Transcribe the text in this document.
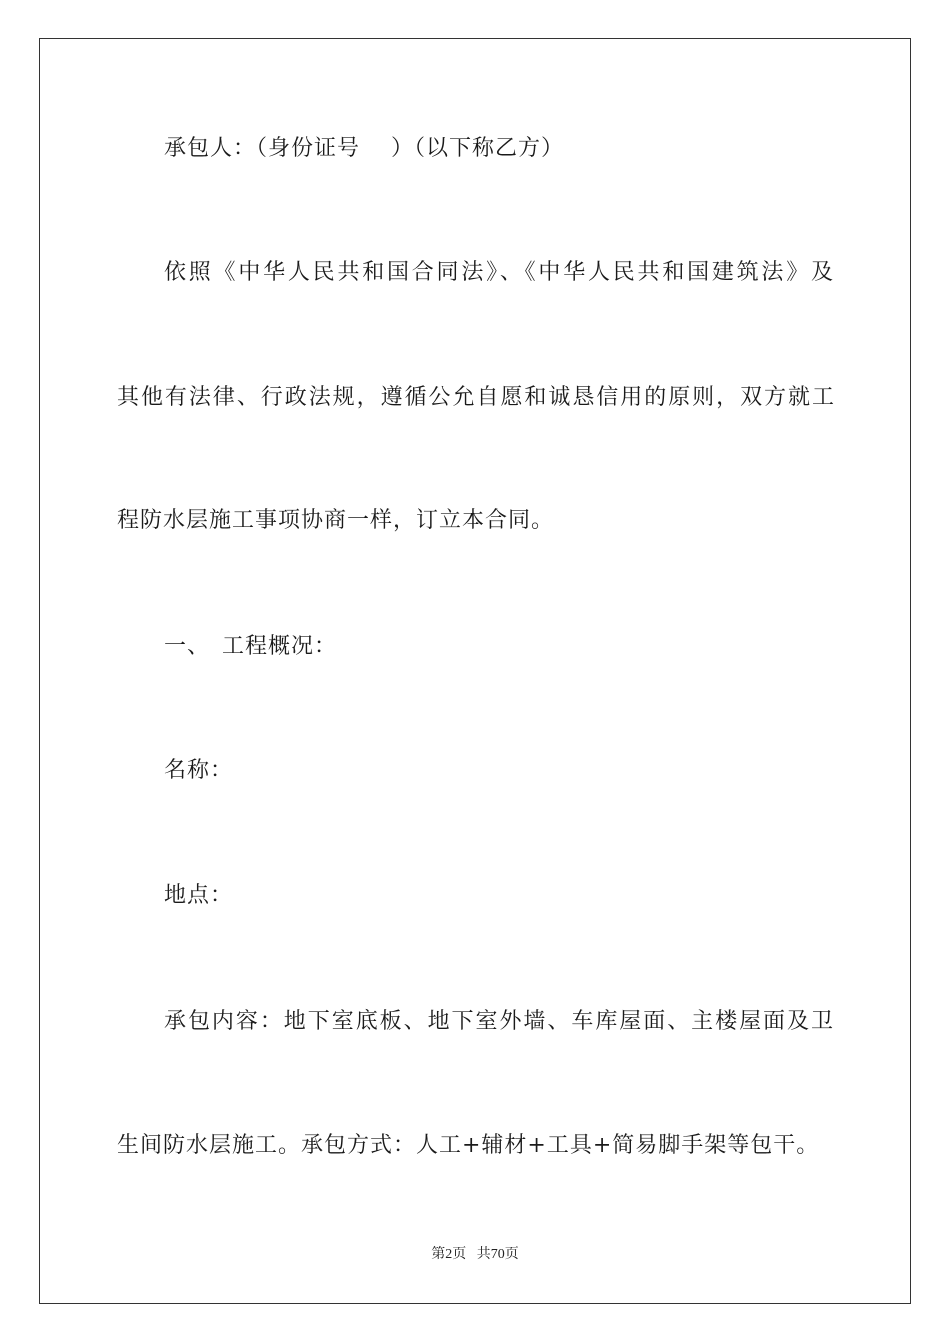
承包人：（身份证号　 ）（以下称乙方）
依照《中华人民共和国合同法》、《中华人民共和国建筑法》及
其他有法律、行政法规，遵循公允自愿和诚恳信用的原则，双方就工
程防水层施工事项协商一样，订立本合同。
一、　工程概况：
名称：
地点：
承包内容：地下室底板、地下室外墙、车库屋面、主楼屋面及卫
生间防水层施工。承包方式：人工+辅材+工具+简易脚手架等包干。
第2页 共70页
